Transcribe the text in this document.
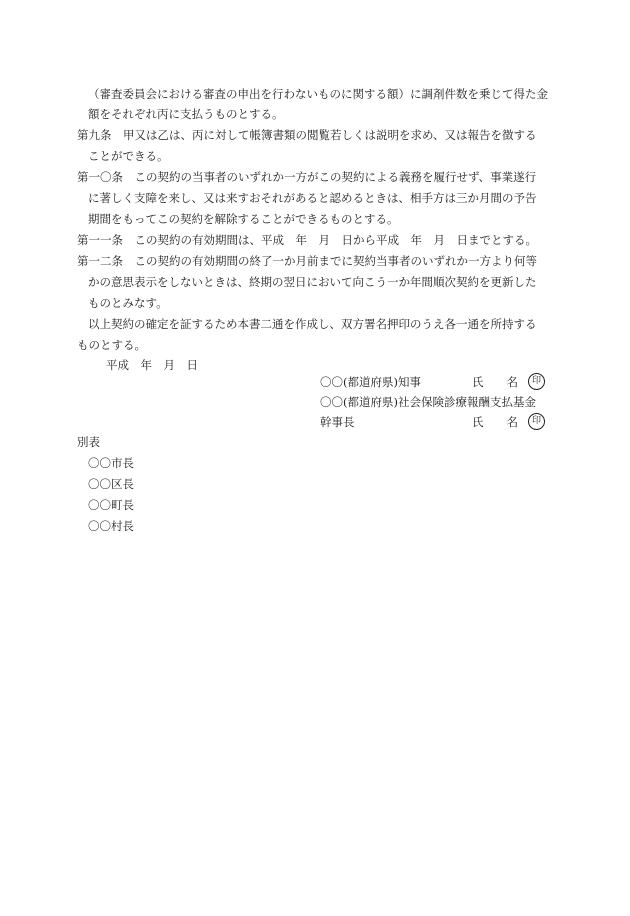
（審査委員会における審査の申出を行わないものに関する額）に調剤件数を乗じて得た金
額をそれぞれ丙に支払うものとする。
第九条　甲又は乙は、丙に対して帳簿書類の閲覧若しくは説明を求め、又は報告を徴する
ことができる。
第一〇条　この契約の当事者のいずれか一方がこの契約による義務を履行せず、事業遂行
に著しく支障を来し、又は来すおそれがあると認めるときは、相手方は三か月間の予告
期間をもってこの契約を解除することができるものとする。
第一一条　この契約の有効期間は、平成　年　月　日から平成　年　月　日までとする。
第一二条　この契約の有効期間の終了一か月前までに契約当事者のいずれか一方より何等
かの意思表示をしないときは、終期の翌日において向こう一か年間順次契約を更新した
ものとみなす。
以上契約の確定を証するため本書二通を作成し、双方署名押印のうえ各一通を所持する
ものとする。
平成　年　月　日
〇〇(都道府県)知事	氏　　名	印
〇〇(都道府県)社会保険診療報酬支払基金
幹事長	氏　　名	印
別表
〇〇市長
〇〇区長
〇〇町長
〇〇村長
